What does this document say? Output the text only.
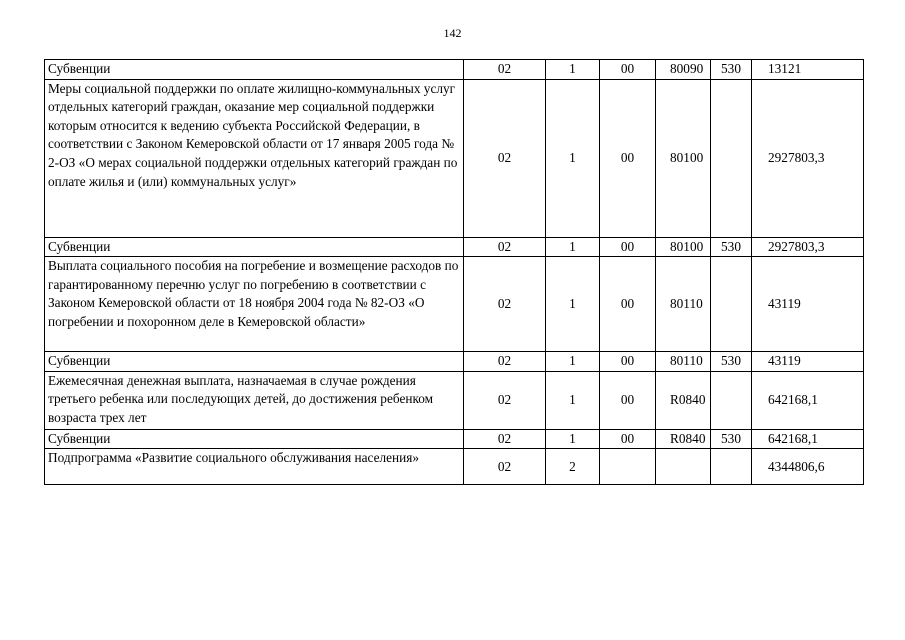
142
Субвенции	02	1	00	80090	530	13121
Меры социальной поддержки по оплате жилищно-коммунальных услуг отдельных категорий граждан, оказание мер социальной поддержки которым относится к ведению субъекта Российской Федерации, в соответствии с Законом Кемеровской области от 17 января 2005 года № 2-ОЗ «О мерах социальной поддержки отдельных категорий граждан по оплате жилья и (или) коммунальных услуг»	02	1	00	80100		2927803,3
Субвенции	02	1	00	80100	530	2927803,3
Выплата социального пособия на погребение и возмещение расходов по гарантированному перечню услуг по погребению в соответствии с Законом Кемеровской области от 18 ноября 2004 года № 82-ОЗ «О погребении и похоронном деле в Кемеровской области»	02	1	00	80110		43119
Субвенции	02	1	00	80110	530	43119
Ежемесячная денежная выплата, назначаемая в случае рождения третьего ребенка или последующих детей, до достижения ребенком возраста трех лет	02	1	00	R0840		642168,1
Субвенции	02	1	00	R0840	530	642168,1
Подпрограмма «Развитие социального обслуживания населения»	02	2				4344806,6
